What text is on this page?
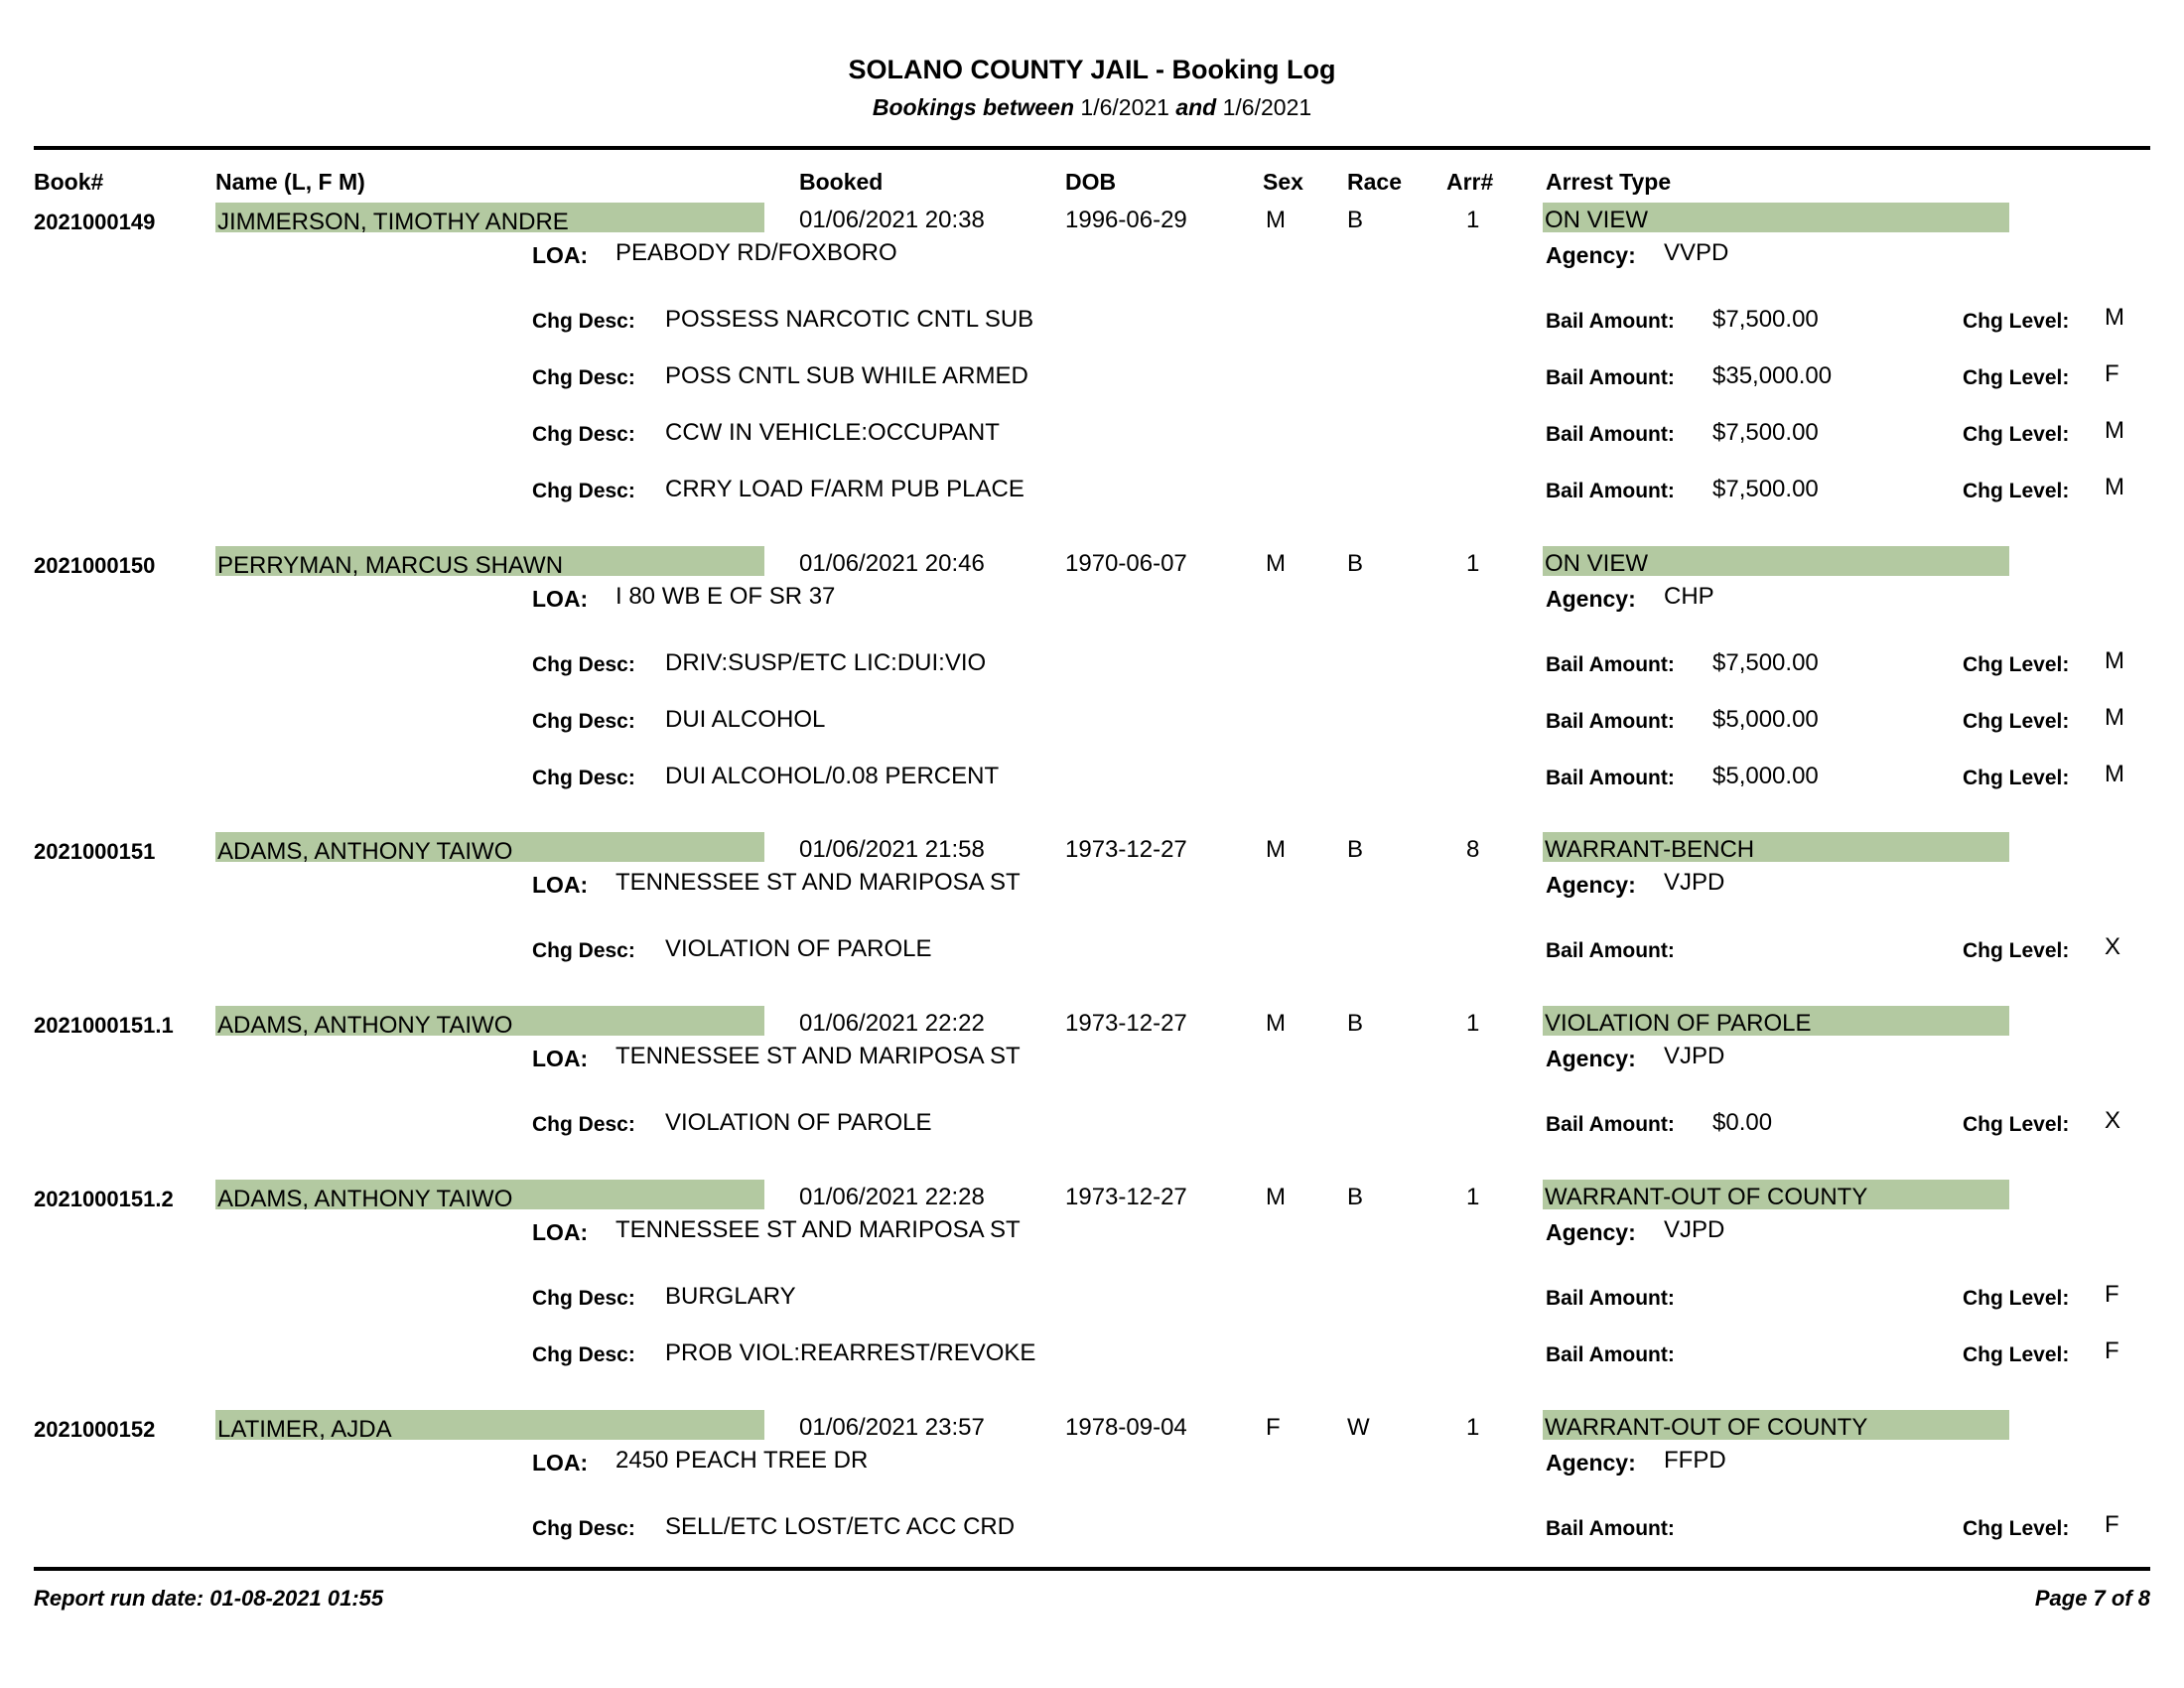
SOLANO COUNTY JAIL - Booking Log
Bookings between 1/6/2021 and 1/6/2021
Book#	Name (L, F M)	Booked	DOB	Sex Race Arr# Arrest Type
2021000149	JIMMERSON, TIMOTHY ANDRE	01/06/2021 20:38	1996-06-29	M	B	1	ON VIEW
LOA: PEABODY RD/FOXBORO	Agency: VVPD
Chg Desc: POSSESS NARCOTIC CNTL SUB	Bail Amount: $7,500.00	Chg Level: M
Chg Desc: POSS CNTL SUB WHILE ARMED	Bail Amount: $35,000.00	Chg Level: F
Chg Desc: CCW IN VEHICLE:OCCUPANT	Bail Amount: $7,500.00	Chg Level: M
Chg Desc: CRRY LOAD F/ARM PUB PLACE	Bail Amount: $7,500.00	Chg Level: M
2021000150	PERRYMAN, MARCUS SHAWN	01/06/2021 20:46	1970-06-07	M	B	1	ON VIEW
LOA: I 80 WB E OF SR 37	Agency: CHP
Chg Desc: DRIV:SUSP/ETC LIC:DUI:VIO	Bail Amount: $7,500.00	Chg Level: M
Chg Desc: DUI ALCOHOL	Bail Amount: $5,000.00	Chg Level: M
Chg Desc: DUI ALCOHOL/0.08 PERCENT	Bail Amount: $5,000.00	Chg Level: M
2021000151	ADAMS, ANTHONY TAIWO	01/06/2021 21:58	1973-12-27	M	B	8	WARRANT-BENCH
LOA: TENNESSEE ST AND MARIPOSA ST	Agency: VJPD
Chg Desc: VIOLATION OF PAROLE	Bail Amount:	Chg Level: X
2021000151.1 ADAMS, ANTHONY TAIWO	01/06/2021 22:22	1973-12-27	M	B	1	VIOLATION OF PAROLE
LOA: TENNESSEE ST AND MARIPOSA ST	Agency: VJPD
Chg Desc: VIOLATION OF PAROLE	Bail Amount: $0.00	Chg Level: X
2021000151.2 ADAMS, ANTHONY TAIWO	01/06/2021 22:28	1973-12-27	M	B	1	WARRANT-OUT OF COUNTY
LOA: TENNESSEE ST AND MARIPOSA ST	Agency: VJPD
Chg Desc: BURGLARY	Bail Amount:	Chg Level: F
Chg Desc: PROB VIOL:REARREST/REVOKE	Bail Amount:	Chg Level: F
2021000152	LATIMER, AJDA	01/06/2021 23:57	1978-09-04	F	W	1	WARRANT-OUT OF COUNTY
LOA: 2450 PEACH TREE DR	Agency: FFPD
Chg Desc: SELL/ETC LOST/ETC ACC CRD	Bail Amount:	Chg Level: F
Report run date: 01-08-2021 01:55	Page 7 of 8
